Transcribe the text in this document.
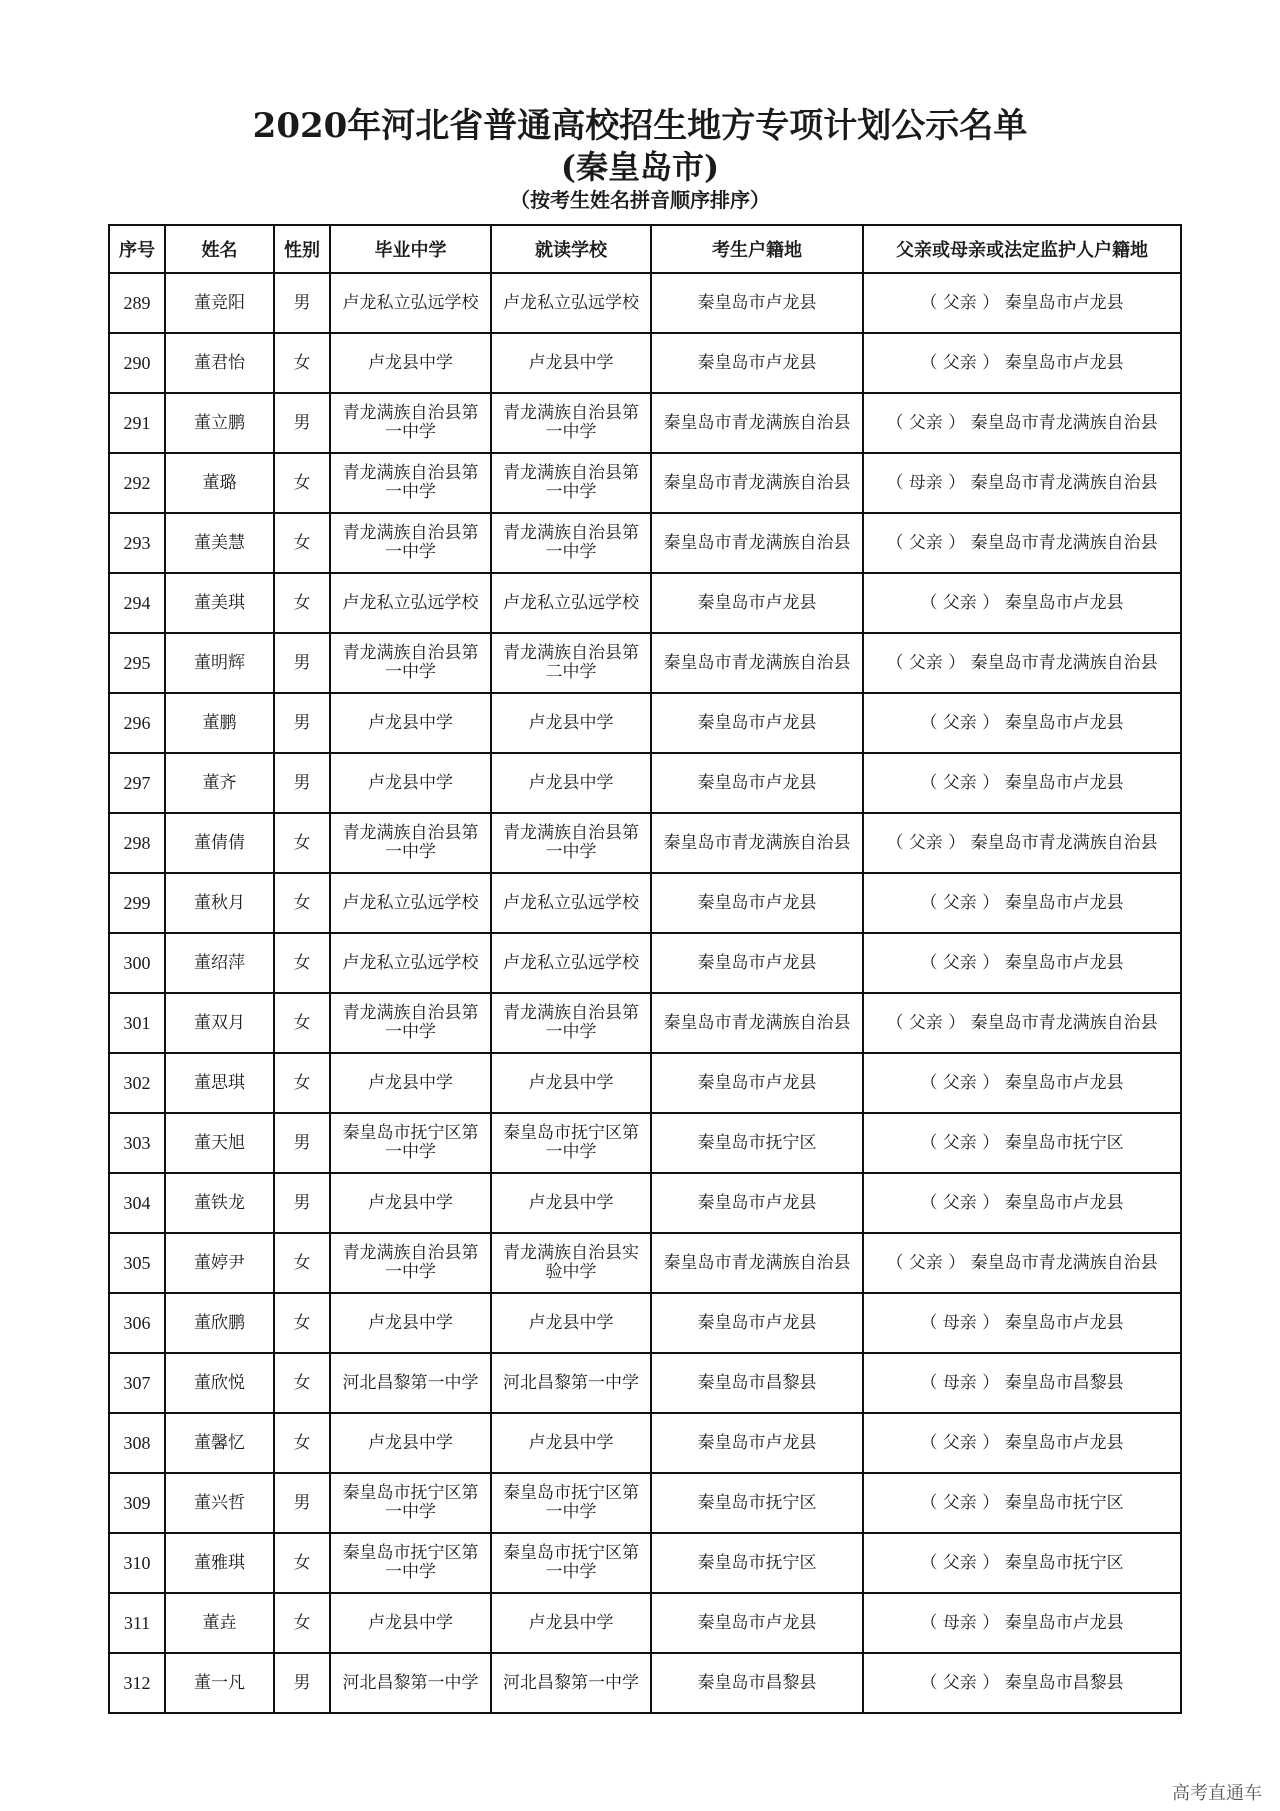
2020年河北省普通高校招生地方专项计划公示名单
(秦皇岛市)
（按考生姓名拼音顺序排序）
序号	姓名	性别	毕业中学	就读学校	考生户籍地	父亲或母亲或法定监护人户籍地
289	董竞阳	男	卢龙私立弘远学校	卢龙私立弘远学校	秦皇岛市卢龙县	（ 父亲 ） 秦皇岛市卢龙县
290	董君怡	女	卢龙县中学	卢龙县中学	秦皇岛市卢龙县	（ 父亲 ） 秦皇岛市卢龙县
291	董立鹏	男	青龙满族自治县第一中学	青龙满族自治县第一中学	秦皇岛市青龙满族自治县	（ 父亲 ） 秦皇岛市青龙满族自治县
292	董璐	女	青龙满族自治县第一中学	青龙满族自治县第一中学	秦皇岛市青龙满族自治县	（ 母亲 ） 秦皇岛市青龙满族自治县
293	董美慧	女	青龙满族自治县第一中学	青龙满族自治县第一中学	秦皇岛市青龙满族自治县	（ 父亲 ） 秦皇岛市青龙满族自治县
294	董美琪	女	卢龙私立弘远学校	卢龙私立弘远学校	秦皇岛市卢龙县	（ 父亲 ） 秦皇岛市卢龙县
295	董明辉	男	青龙满族自治县第一中学	青龙满族自治县第二中学	秦皇岛市青龙满族自治县	（ 父亲 ） 秦皇岛市青龙满族自治县
296	董鹏	男	卢龙县中学	卢龙县中学	秦皇岛市卢龙县	（ 父亲 ） 秦皇岛市卢龙县
297	董齐	男	卢龙县中学	卢龙县中学	秦皇岛市卢龙县	（ 父亲 ） 秦皇岛市卢龙县
298	董倩倩	女	青龙满族自治县第一中学	青龙满族自治县第一中学	秦皇岛市青龙满族自治县	（ 父亲 ） 秦皇岛市青龙满族自治县
299	董秋月	女	卢龙私立弘远学校	卢龙私立弘远学校	秦皇岛市卢龙县	（ 父亲 ） 秦皇岛市卢龙县
300	董绍萍	女	卢龙私立弘远学校	卢龙私立弘远学校	秦皇岛市卢龙县	（ 父亲 ） 秦皇岛市卢龙县
301	董双月	女	青龙满族自治县第一中学	青龙满族自治县第一中学	秦皇岛市青龙满族自治县	（ 父亲 ） 秦皇岛市青龙满族自治县
302	董思琪	女	卢龙县中学	卢龙县中学	秦皇岛市卢龙县	（ 父亲 ） 秦皇岛市卢龙县
303	董天旭	男	秦皇岛市抚宁区第一中学	秦皇岛市抚宁区第一中学	秦皇岛市抚宁区	（ 父亲 ） 秦皇岛市抚宁区
304	董铁龙	男	卢龙县中学	卢龙县中学	秦皇岛市卢龙县	（ 父亲 ） 秦皇岛市卢龙县
305	董婷尹	女	青龙满族自治县第一中学	青龙满族自治县实验中学	秦皇岛市青龙满族自治县	（ 父亲 ） 秦皇岛市青龙满族自治县
306	董欣鹏	女	卢龙县中学	卢龙县中学	秦皇岛市卢龙县	（ 母亲 ） 秦皇岛市卢龙县
307	董欣悦	女	河北昌黎第一中学	河北昌黎第一中学	秦皇岛市昌黎县	（ 母亲 ） 秦皇岛市昌黎县
308	董馨忆	女	卢龙县中学	卢龙县中学	秦皇岛市卢龙县	（ 父亲 ） 秦皇岛市卢龙县
309	董兴哲	男	秦皇岛市抚宁区第一中学	秦皇岛市抚宁区第一中学	秦皇岛市抚宁区	（ 父亲 ） 秦皇岛市抚宁区
310	董雅琪	女	秦皇岛市抚宁区第一中学	秦皇岛市抚宁区第一中学	秦皇岛市抚宁区	（ 父亲 ） 秦皇岛市抚宁区
311	董垚	女	卢龙县中学	卢龙县中学	秦皇岛市卢龙县	（ 母亲 ） 秦皇岛市卢龙县
312	董一凡	男	河北昌黎第一中学	河北昌黎第一中学	秦皇岛市昌黎县	（ 父亲 ） 秦皇岛市昌黎县
高考直通车
